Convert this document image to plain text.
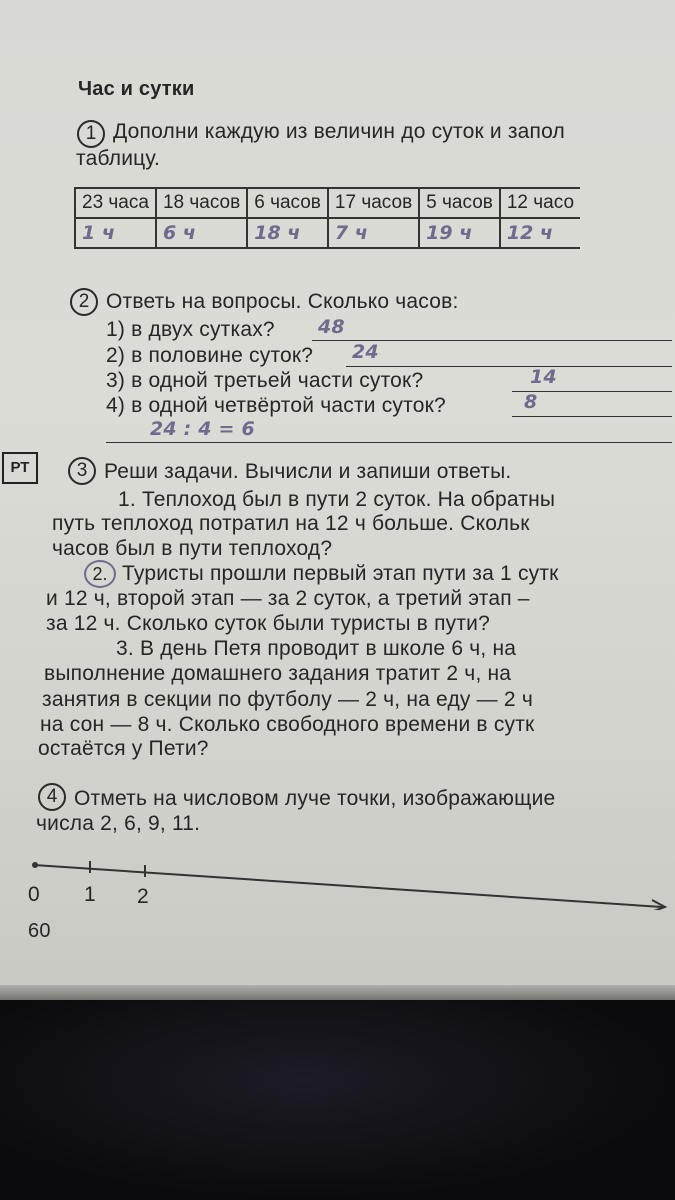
Час и сутки
1 Дополни каждую из величин до суток и запол
таблицу.
23 часа	18 часов	6 часов	17 часов	5 часов	12 часо
1 ч	6 ч	18 ч	7 ч	19 ч	12 ч
2 Ответь на вопросы. Сколько часов:
1) в двух сутках? 48
2) в половине суток? 24
3) в одной третьей части суток?	14
4) в одной четвёртой части суток?	8
24 : 4 = 6
РТ	3 Реши задачи. Вычисли и запиши ответы.
1. Теплоход был в пути 2 суток. На обратны
путь теплоход потратил на 12 ч больше. Скольк
часов был в пути теплоход?
2. Туристы прошли первый этап пути за 1 сутк
и 12 ч, второй этап — за 2 суток, а третий этап –
за 12 ч. Сколько суток были туристы в пути?
3. В день Петя проводит в школе 6 ч, на
выполнение домашнего задания тратит 2 ч, на
занятия в секции по футболу — 2 ч, на еду — 2 ч
на сон — 8 ч. Сколько свободного времени в сутк
остаётся у Пети?
4 Отметь на числовом луче точки, изображающие
числа 2, 6, 9, 11.
0 1 2
60
